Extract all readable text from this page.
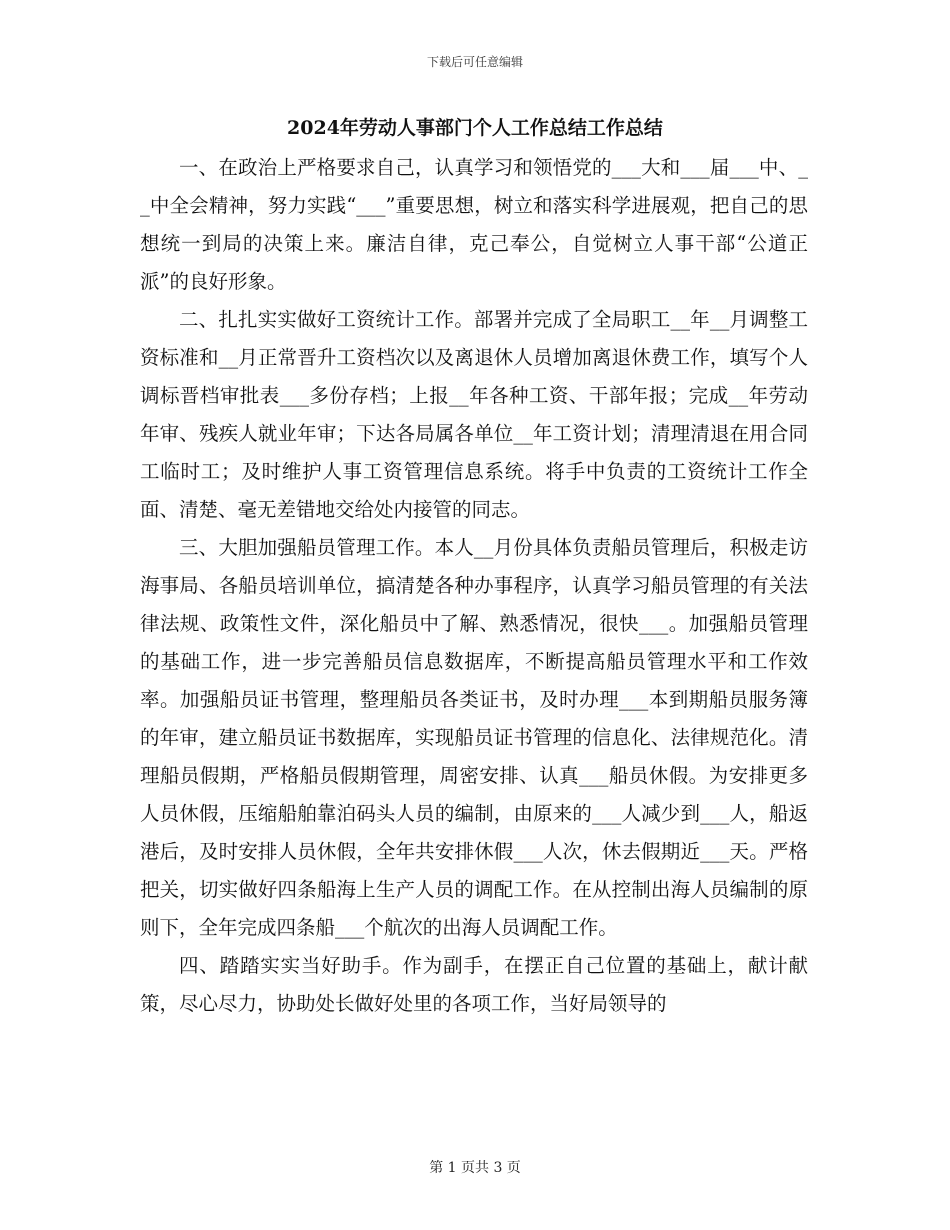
下载后可任意编辑
2024年劳动人事部门个人工作总结工作总结

一、在政治上严格要求自己，认真学习和领悟党的___大和___届___中、__中全会精神，努力实践“___”重要思想，树立和落实科学进展观，把自己的思想统一到局的决策上来。廉洁自律，克己奉公，自觉树立人事干部“公道正派”的良好形象。

二、扎扎实实做好工资统计工作。部署并完成了全局职工__年__月调整工资标准和__月正常晋升工资档次以及离退休人员增加离退休费工作，填写个人调标晋档审批表___多份存档；上报__年各种工资、干部年报；完成__年劳动年审、残疾人就业年审；下达各局属各单位__年工资计划；清理清退在用合同工临时工；及时维护人事工资管理信息系统。将手中负责的工资统计工作全面、清楚、毫无差错地交给处内接管的同志。

三、大胆加强船员管理工作。本人__月份具体负责船员管理后，积极走访海事局、各船员培训单位，搞清楚各种办事程序，认真学习船员管理的有关法律法规、政策性文件，深化船员中了解、熟悉情况，很快___。加强船员管理的基础工作，进一步完善船员信息数据库，不断提高船员管理水平和工作效率。加强船员证书管理，整理船员各类证书，及时办理___本到期船员服务簿的年审，建立船员证书数据库，实现船员证书管理的信息化、法律规范化。清理船员假期，严格船员假期管理，周密安排、认真___船员休假。为安排更多人员休假，压缩船舶靠泊码头人员的编制，由原来的___人减少到___人，船返港后，及时安排人员休假，全年共安排休假___人次，休去假期近___天。严格把关，切实做好四条船海上生产人员的调配工作。在从控制出海人员编制的原则下，全年完成四条船___个航次的出海人员调配工作。

四、踏踏实实当好助手。作为副手，在摆正自己位置的基础上，献计献策，尽心尽力，协助处长做好处里的各项工作，当好局领导的

第 1 页共 3 页
